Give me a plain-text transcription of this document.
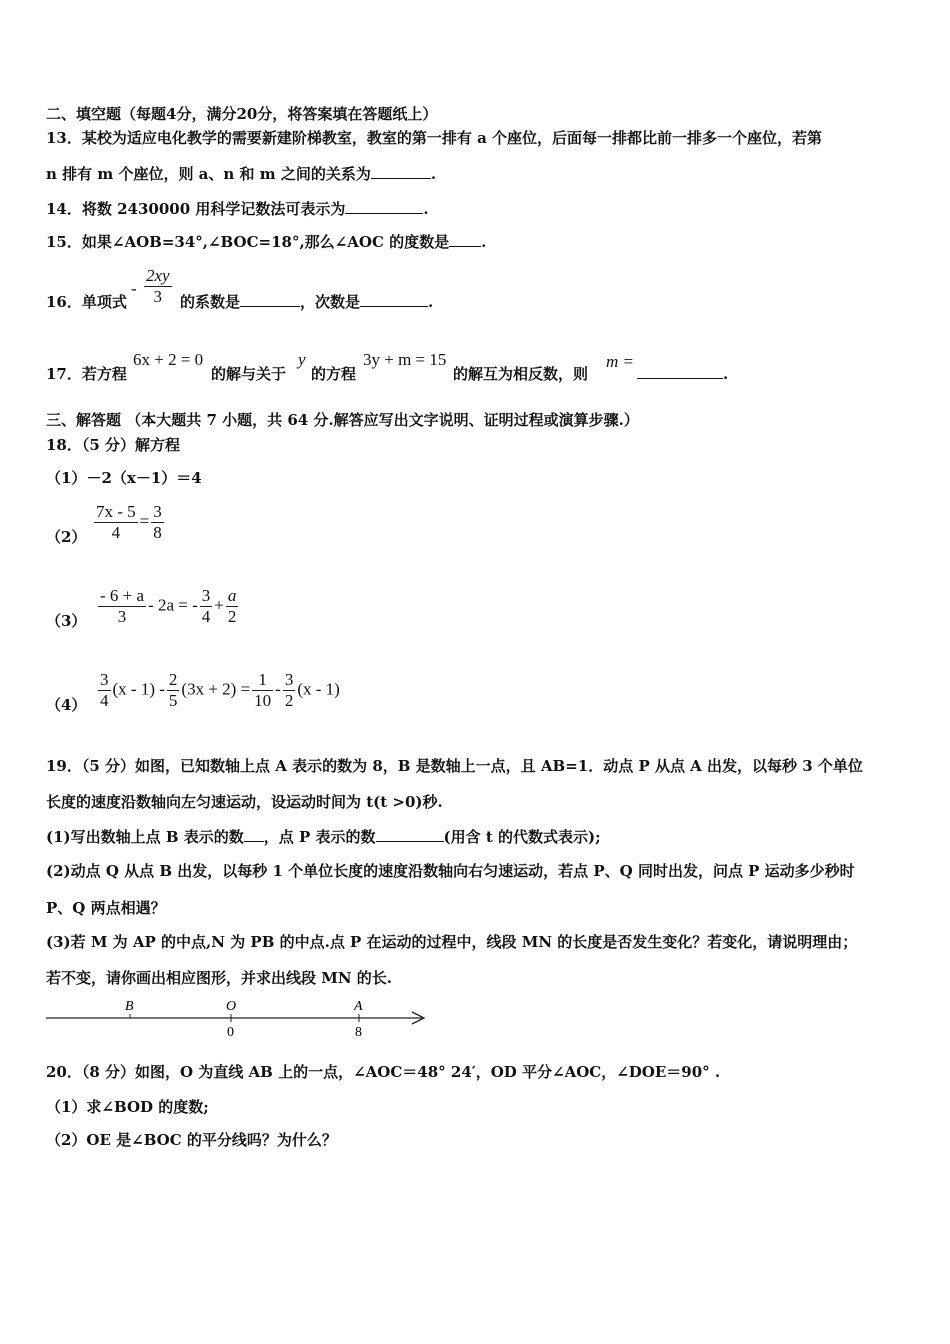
二、填空题（每题4分，满分20分，将答案填在答题纸上）
13．某校为适应电化教学的需要新建阶梯教室，教室的第一排有 a 个座位，后面每一排都比前一排多一个座位，若第
n 排有 m 个座位，则 a、n 和 m 之间的关系为	.
14．将数 2430000 用科学记数法可表示为	.
15．如果∠AOB=34°,∠BOC=18°,那么∠AOC 的度数是 .
16．单项式
- $\frac{2xy}{3}$ 的系数是	，次数是	.
17．若方程
6x + 2 = 0
的解与关于
y
的方程
3y + m = 15
的解互为相反数，则
m =
.
三、解答题 （本大题共 7 小题，共 64 分.解答应写出文字说明、证明过程或演算步骤.）
18．（5 分）解方程
（1）－2（x－1）＝4
$(2) \frac{7x - 5}{4} = \frac{3}{8}$
$(3) \frac{- 6 + a}{3} - 2a$ = - $\frac{3}{4} + \frac{a}{2}$
$(4) \frac{3}{4} (x - 1) - \frac{2}{5} (3x + 2) = \frac{1}{10} - \frac{3}{2} (x - 1)$
19．（5 分）如图，已知数轴上点 A 表示的数为 8，B 是数轴上一点，且 AB=1．动点 P 从点 A 出发，以每秒 3 个单位
长度的速度沿数轴向左匀速运动，设运动时间为 t(t >0)秒.
(1)写出数轴上点 B 表示的数 ，点 P 表示的数	(用含 t 的代数式表示);
(2)动点 Q 从点 B 出发，以每秒 1 个单位长度的速度沿数轴向右匀速运动，若点 P、Q 同时出发，问点 P 运动多少秒时
P、Q 两点相遇？
(3)若 M 为 AP 的中点,N 为 PB 的中点.点 P 在运动的过程中，线段 MN 的长度是否发生变化？若变化，请说明理由；
若不变，请你画出相应图形，并求出线段 MN 的长.
B	O	A
0	8
20．（8 分）如图，O 为直线 AB 上的一点，∠AOC＝48° 24′，OD 平分∠AOC，∠DOE＝90° .
（1）求∠BOD 的度数;
（2）OE 是∠BOC 的平分线吗？为什么？
